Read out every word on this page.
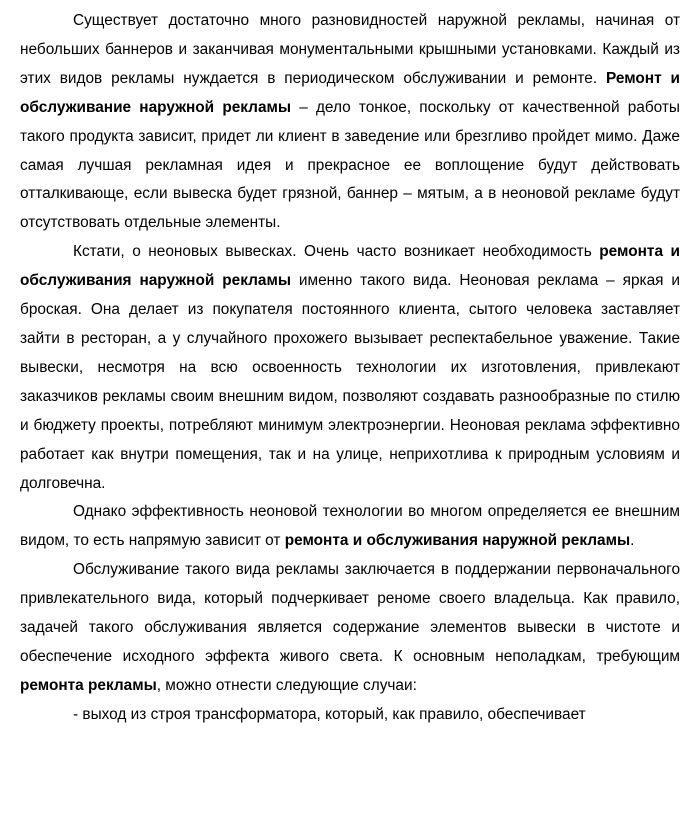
Существует достаточно много разновидностей наружной рекламы, начиная от небольших баннеров и заканчивая монументальными крышными установками. Каждый из этих видов рекламы нуждается в периодическом обслуживании и ремонте. Ремонт и обслуживание наружной рекламы – дело тонкое, поскольку от качественной работы такого продукта зависит, придет ли клиент в заведение или брезгливо пройдет мимо. Даже самая лучшая рекламная идея и прекрасное ее воплощение будут действовать отталкивающе, если вывеска будет грязной, баннер – мятым, а в неоновой рекламе будут отсутствовать отдельные элементы.

Кстати, о неоновых вывесках. Очень часто возникает необходимость ремонта и обслуживания наружной рекламы именно такого вида. Неоновая реклама – яркая и броская. Она делает из покупателя постоянного клиента, сытого человека заставляет зайти в ресторан, а у случайного прохожего вызывает респектабельное уважение. Такие вывески, несмотря на всю освоенность технологии их изготовления, привлекают заказчиков рекламы своим внешним видом, позволяют создавать разнообразные по стилю и бюджету проекты, потребляют минимум электроэнергии. Неоновая реклама эффективно работает как внутри помещения, так и на улице, неприхотлива к природным условиям и долговечна.

Однако эффективность неоновой технологии во многом определяется ее внешним видом, то есть напрямую зависит от ремонта и обслуживания наружной рекламы.

Обслуживание такого вида рекламы заключается в поддержании первоначального привлекательного вида, который подчеркивает реноме своего владельца. Как правило, задачей такого обслуживания является содержание элементов вывески в чистоте и обеспечение исходного эффекта живого света. К основным неполадкам, требующим ремонта рекламы, можно отнести следующие случаи:

- выход из строя трансформатора, который, как правило, обеспечивает
